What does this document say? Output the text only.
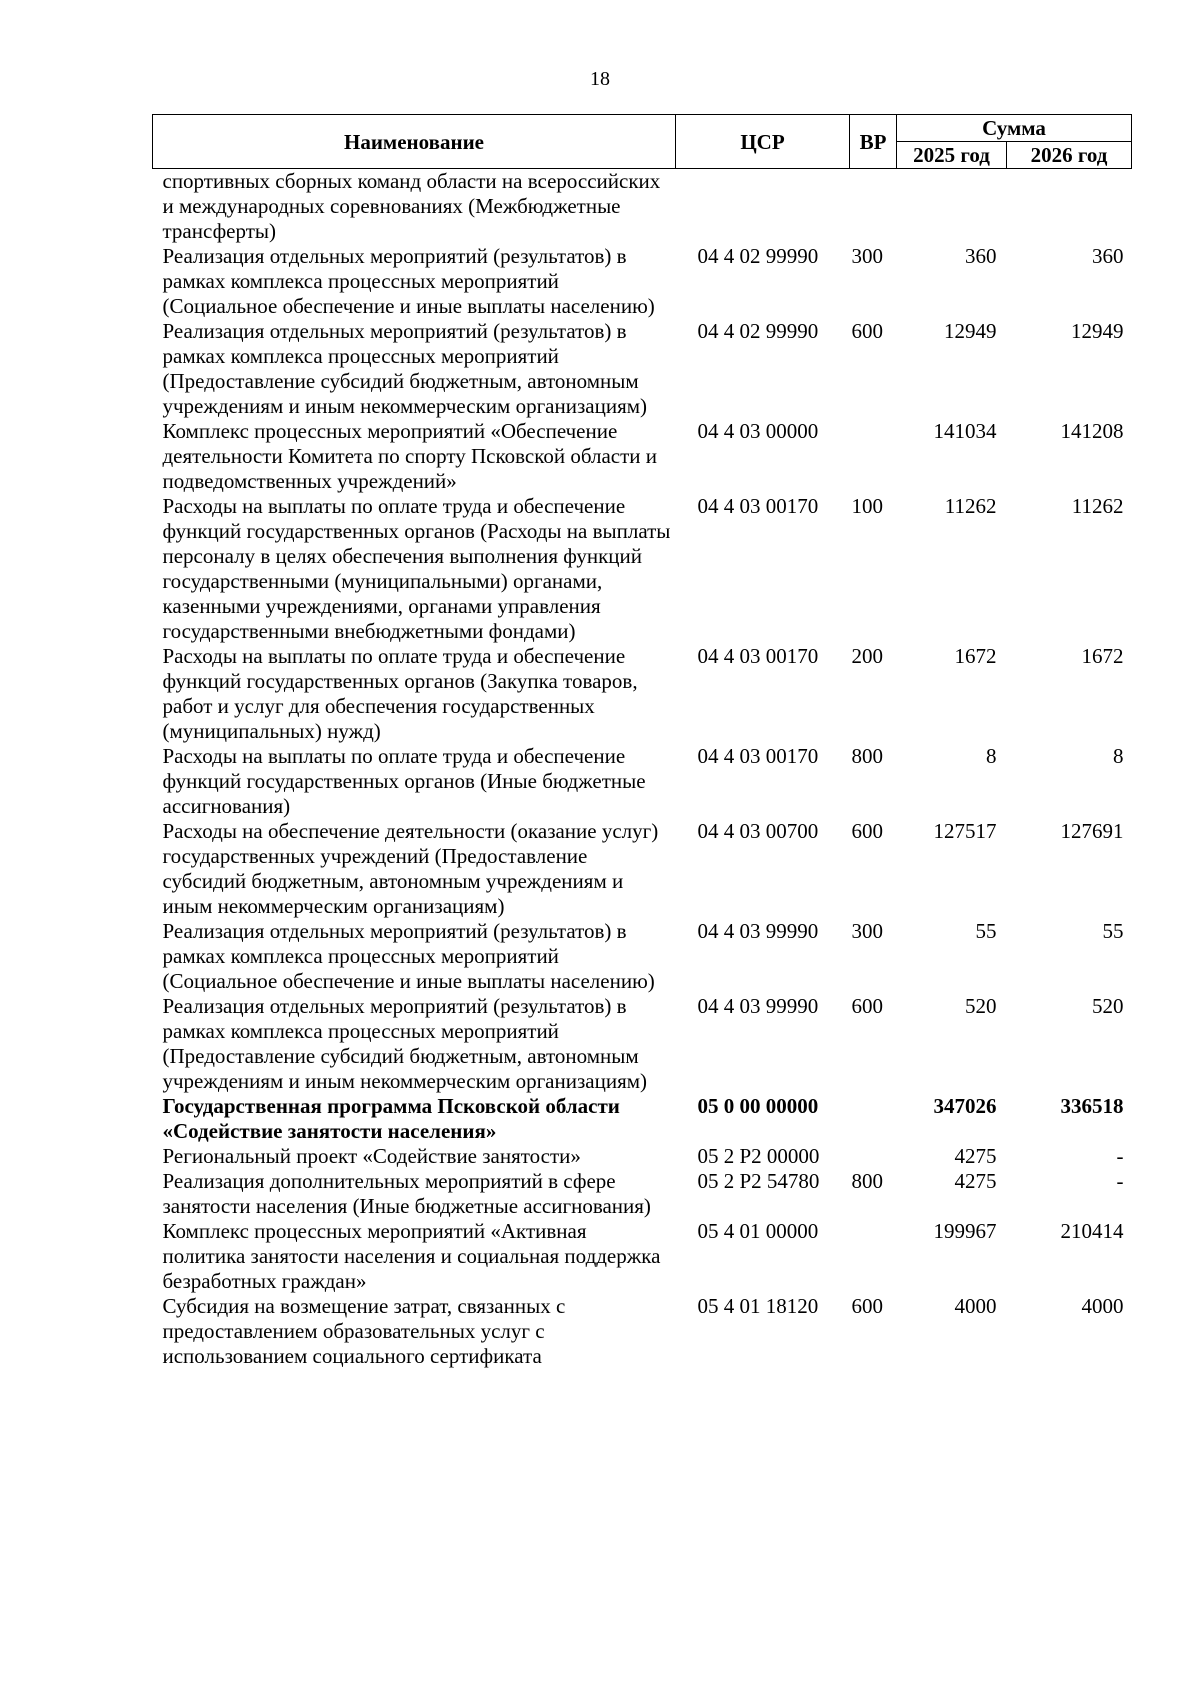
18
Наименование	ЦСР	ВР	Сумма	
			2025 год	2026 год
спортивных сборных команд области на всероссийских и международных соревнованиях (Межбюджетные трансферты)				
Реализация отдельных мероприятий (результатов) в рамках комплекса процессных мероприятий (Социальное обеспечение и иные выплаты населению)	04 4 02 99990	300	360	360
Реализация отдельных мероприятий (результатов) в рамках комплекса процессных мероприятий (Предоставление субсидий бюджетным, автономным учреждениям и иным некоммерческим организациям)	04 4 02 99990	600	12949	12949
Комплекс процессных мероприятий «Обеспечение деятельности Комитета по спорту Псковской области и подведомственных учреждений»	04 4 03 00000		141034	141208
Расходы на выплаты по оплате труда и обеспечение функций государственных органов (Расходы на выплаты персоналу в целях обеспечения выполнения функций государственными (муниципальными) органами, казенными учреждениями, органами управления государственными внебюджетными фондами)	04 4 03 00170	100	11262	11262
Расходы на выплаты по оплате труда и обеспечение функций государственных органов (Закупка товаров, работ и услуг для обеспечения государственных (муниципальных) нужд)	04 4 03 00170	200	1672	1672
Расходы на выплаты по оплате труда и обеспечение функций государственных органов (Иные бюджетные ассигнования)	04 4 03 00170	800	8	8
Расходы на обеспечение деятельности (оказание услуг) государственных учреждений (Предоставление субсидий бюджетным, автономным учреждениям и иным некоммерческим организациям)	04 4 03 00700	600	127517	127691
Реализация отдельных мероприятий (результатов) в рамках комплекса процессных мероприятий (Социальное обеспечение и иные выплаты населению)	04 4 03 99990	300	55	55
Реализация отдельных мероприятий (результатов) в рамках комплекса процессных мероприятий (Предоставление субсидий бюджетным, автономным учреждениям и иным некоммерческим организациям)	04 4 03 99990	600	520	520
Государственная программа Псковской области «Содействие занятости населения»	05 0 00 00000		347026	336518
Региональный проект «Содействие занятости»	05 2 Р2 00000		4275	-
Реализация дополнительных мероприятий в сфере занятости населения (Иные бюджетные ассигнования)	05 2 Р2 54780	800	4275	-
Комплекс процессных мероприятий «Активная политика занятости населения и социальная поддержка безработных граждан»	05 4 01 00000		199967	210414
Субсидия на возмещение затрат, связанных с предоставлением образовательных услуг с использованием социального сертификата	05 4 01 18120	600	4000	4000
